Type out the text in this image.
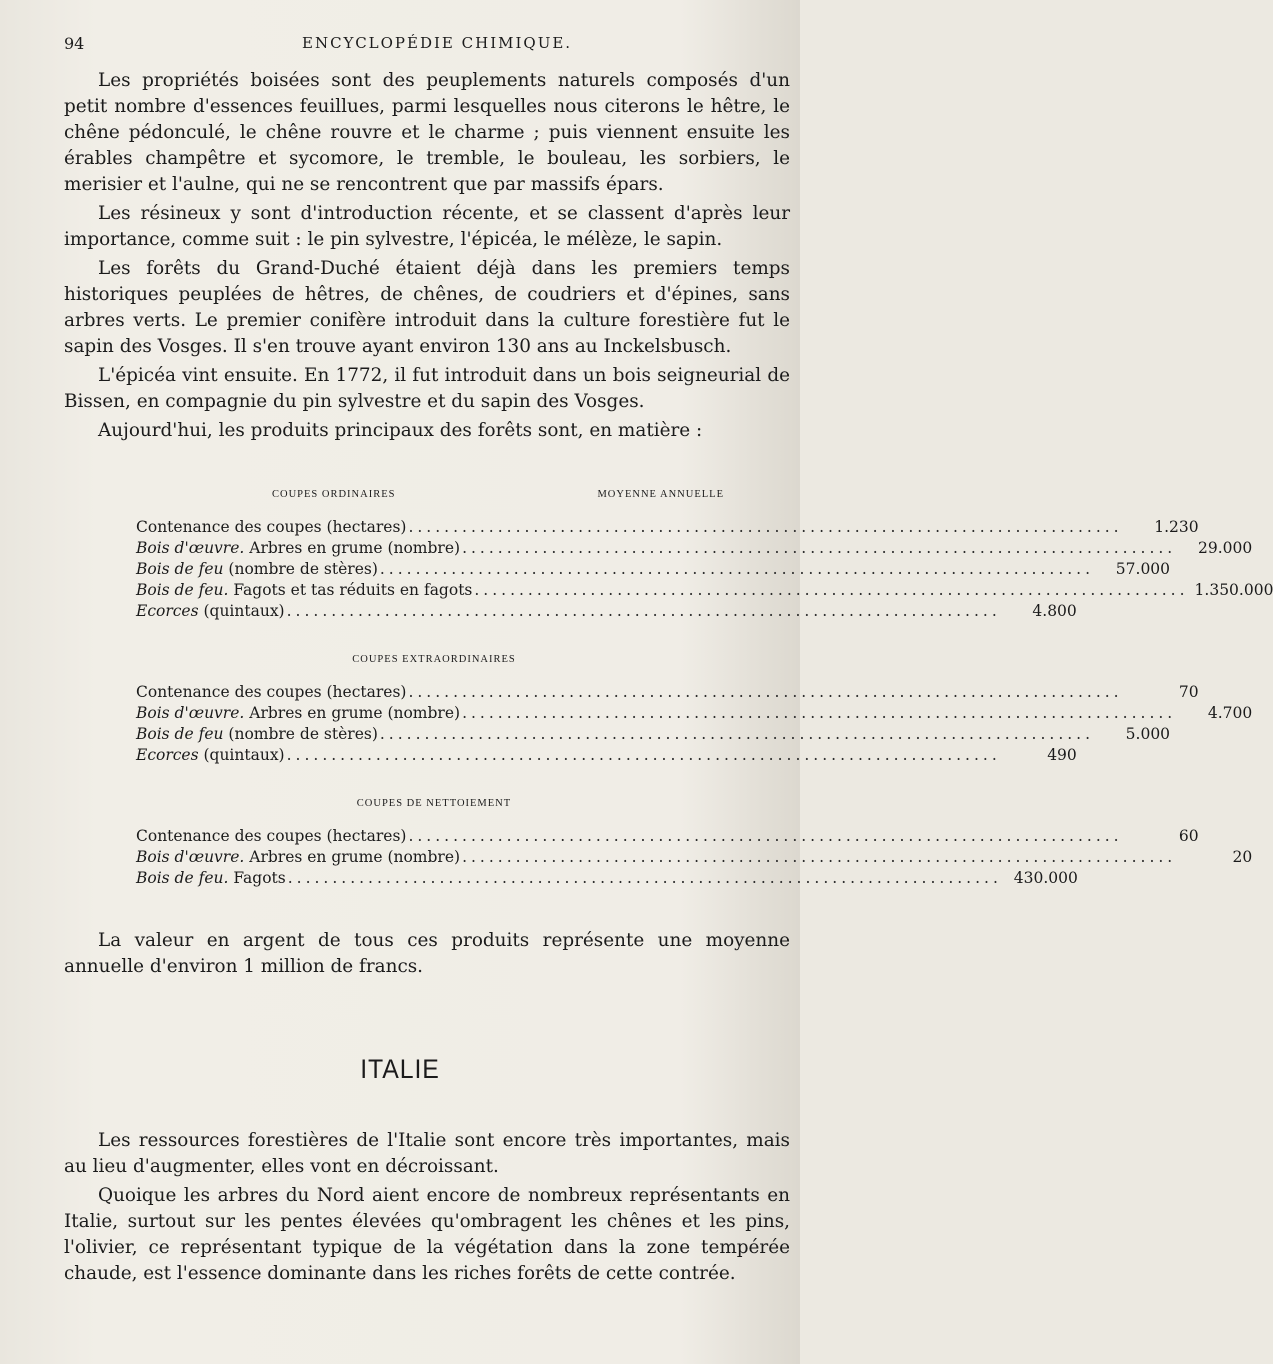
94	ENCYCLOPÉDIE CHIMIQUE.

Les propriétés boisées sont des peuplements naturels composés d'un petit nombre d'essences feuillues, parmi lesquelles nous citerons le hêtre, le chêne pédonculé, le chêne rouvre et le charme ; puis viennent ensuite les érables champêtre et sycomore, le tremble, le bouleau, les sorbiers, le merisier et l'aulne, qui ne se rencontrent que par massifs épars.

Les résineux y sont d'introduction récente, et se classent d'après leur importance, comme suit : le pin sylvestre, l'épicéa, le mélèze, le sapin.

Les forêts du Grand-Duché étaient déjà dans les premiers temps historiques peuplées de hêtres, de chênes, de coudriers et d'épines, sans arbres verts. Le premier conifère introduit dans la culture forestière fut le sapin des Vosges. Il s'en trouve ayant environ 130 ans au Inckelsbusch.

L'épicéa vint ensuite. En 1772, il fut introduit dans un bois seigneurial de Bissen, en compagnie du pin sylvestre et du sapin des Vosges.

Aujourd'hui, les produits principaux des forêts sont, en matière :

COUPES ORDINAIRES	MOYENNE ANNUELLE
Contenance des coupes (hectares) ................................................................................	1.230
Bois d'œuvre. Arbres en grume (nombre) ................................................................................	29.000
Bois de feu (nombre de stères) ................................................................................	57.000
Bois de feu. Fagots et tas réduits en fagots ................................................................................ 1.350.000
Ecorces (quintaux) ................................................................................	4.800

COUPES EXTRAORDINAIRES

Contenance des coupes (hectares) ................................................................................	70
Bois d'œuvre. Arbres en grume (nombre) ................................................................................	4.700
Bois de feu (nombre de stères) ................................................................................	5.000
Ecorces (quintaux) ................................................................................	490

COUPES DE NETTOIEMENT

Contenance des coupes (hectares) ................................................................................	60
Bois d'œuvre. Arbres en grume (nombre) ................................................................................	20
Bois de feu. Fagots ................................................................................ 430.000

La valeur en argent de tous ces produits représente une moyenne annuelle d'environ 1 million de francs.

ITALIE

Les ressources forestières de l'Italie sont encore très importantes, mais au lieu d'augmenter, elles vont en décroissant.

Quoique les arbres du Nord aient encore de nombreux représentants en Italie, surtout sur les pentes élevées qu'ombragent les chênes et les pins, l'olivier, ce représentant typique de la végétation dans la zone tempérée chaude, est l'essence dominante dans les riches forêts de cette contrée.
